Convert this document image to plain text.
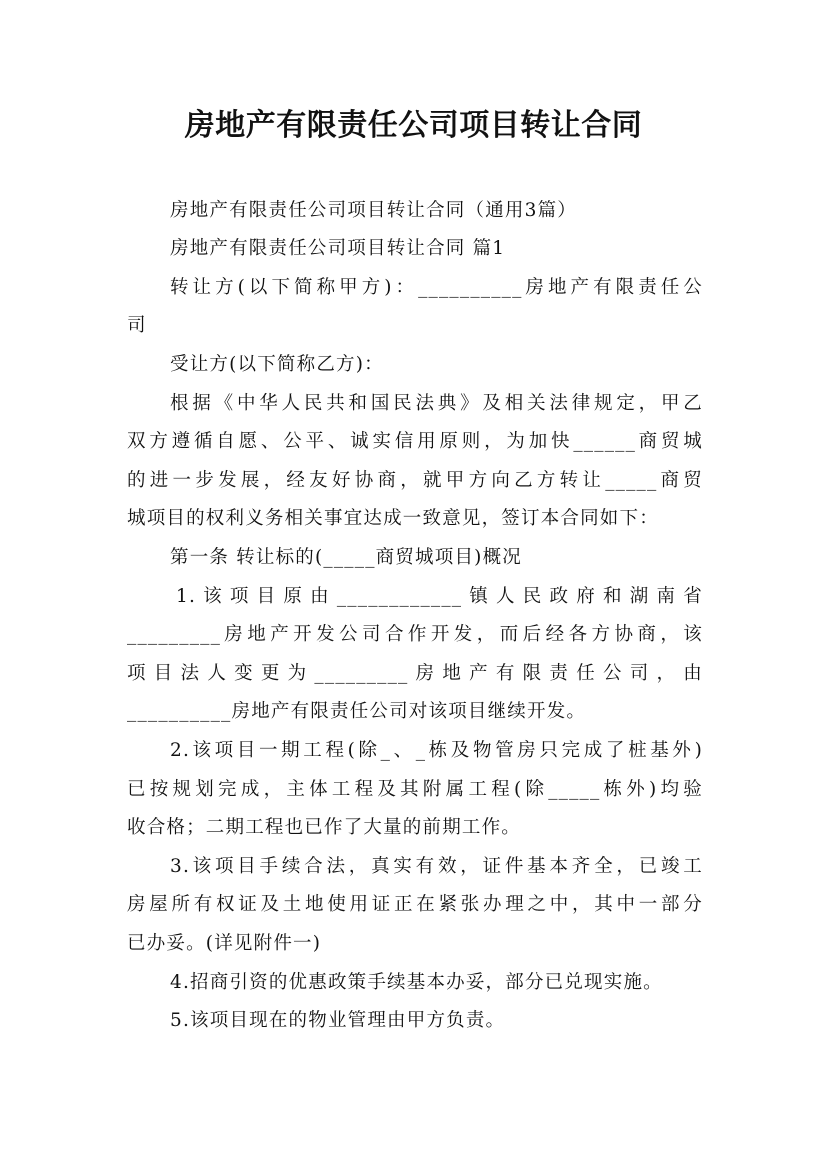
房地产有限责任公司项目转让合同
房地产有限责任公司项目转让合同（通用3篇）
房地产有限责任公司项目转让合同 篇1
转让方(以下简称甲方)：__________房地产有限责任公
司
受让方(以下简称乙方)：
根据《中华人民共和国民法典》及相关法律规定，甲乙
双方遵循自愿、公平、诚实信用原则，为加快______商贸城
的进一步发展，经友好协商，就甲方向乙方转让_____商贸
城项目的权利义务相关事宜达成一致意见，签订本合同如下：
第一条 转让标的(_____商贸城项目)概况
1.该项目原由____________镇人民政府和湖南省
_________房地产开发公司合作开发，而后经各方协商，该
项目法人变更为_________房地产有限责任公司，由
__________房地产有限责任公司对该项目继续开发。
2.该项目一期工程(除_、_栋及物管房只完成了桩基外)
已按规划完成，主体工程及其附属工程(除_____栋外)均验
收合格；二期工程也已作了大量的前期工作。
3.该项目手续合法，真实有效，证件基本齐全，已竣工
房屋所有权证及土地使用证正在紧张办理之中，其中一部分
已办妥。(详见附件一)
4.招商引资的优惠政策手续基本办妥，部分已兑现实施。
5.该项目现在的物业管理由甲方负责。
